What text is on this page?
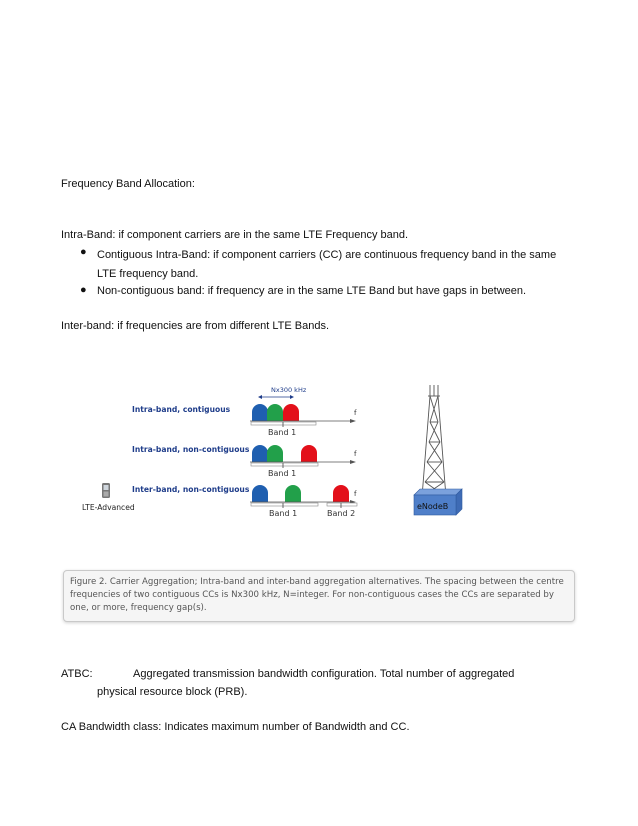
Frequency Band Allocation:
Intra-Band: if component carriers are in the same LTE Frequency band.
● Contiguous Intra-Band: if component carriers (CC) are continuous frequency band in the same LTE frequency band.
● Non-contiguous band: if frequency are in the same LTE Band but have gaps in between.
Inter-band: if frequencies are from different LTE Bands.
Nx300 kHz
Intra-band, contiguous	f
Band 1
Intra-band, non-contiguous	f
Band 1
Inter-band, non-contiguous	f
Band 1	Band 2
LTE-Advanced	eNodeB
Figure 2. Carrier Aggregation; Intra-band and inter-band aggregation alternatives. The spacing between the centre frequencies of two contiguous CCs is Nx300 kHz, N=integer. For non-contiguous cases the CCs are separated by one, or more, frequency gap(s).
ATBC:	Aggregated transmission bandwidth configuration. Total number of aggregated
physical resource block (PRB).
CA Bandwidth class: Indicates maximum number of Bandwidth and CC.
